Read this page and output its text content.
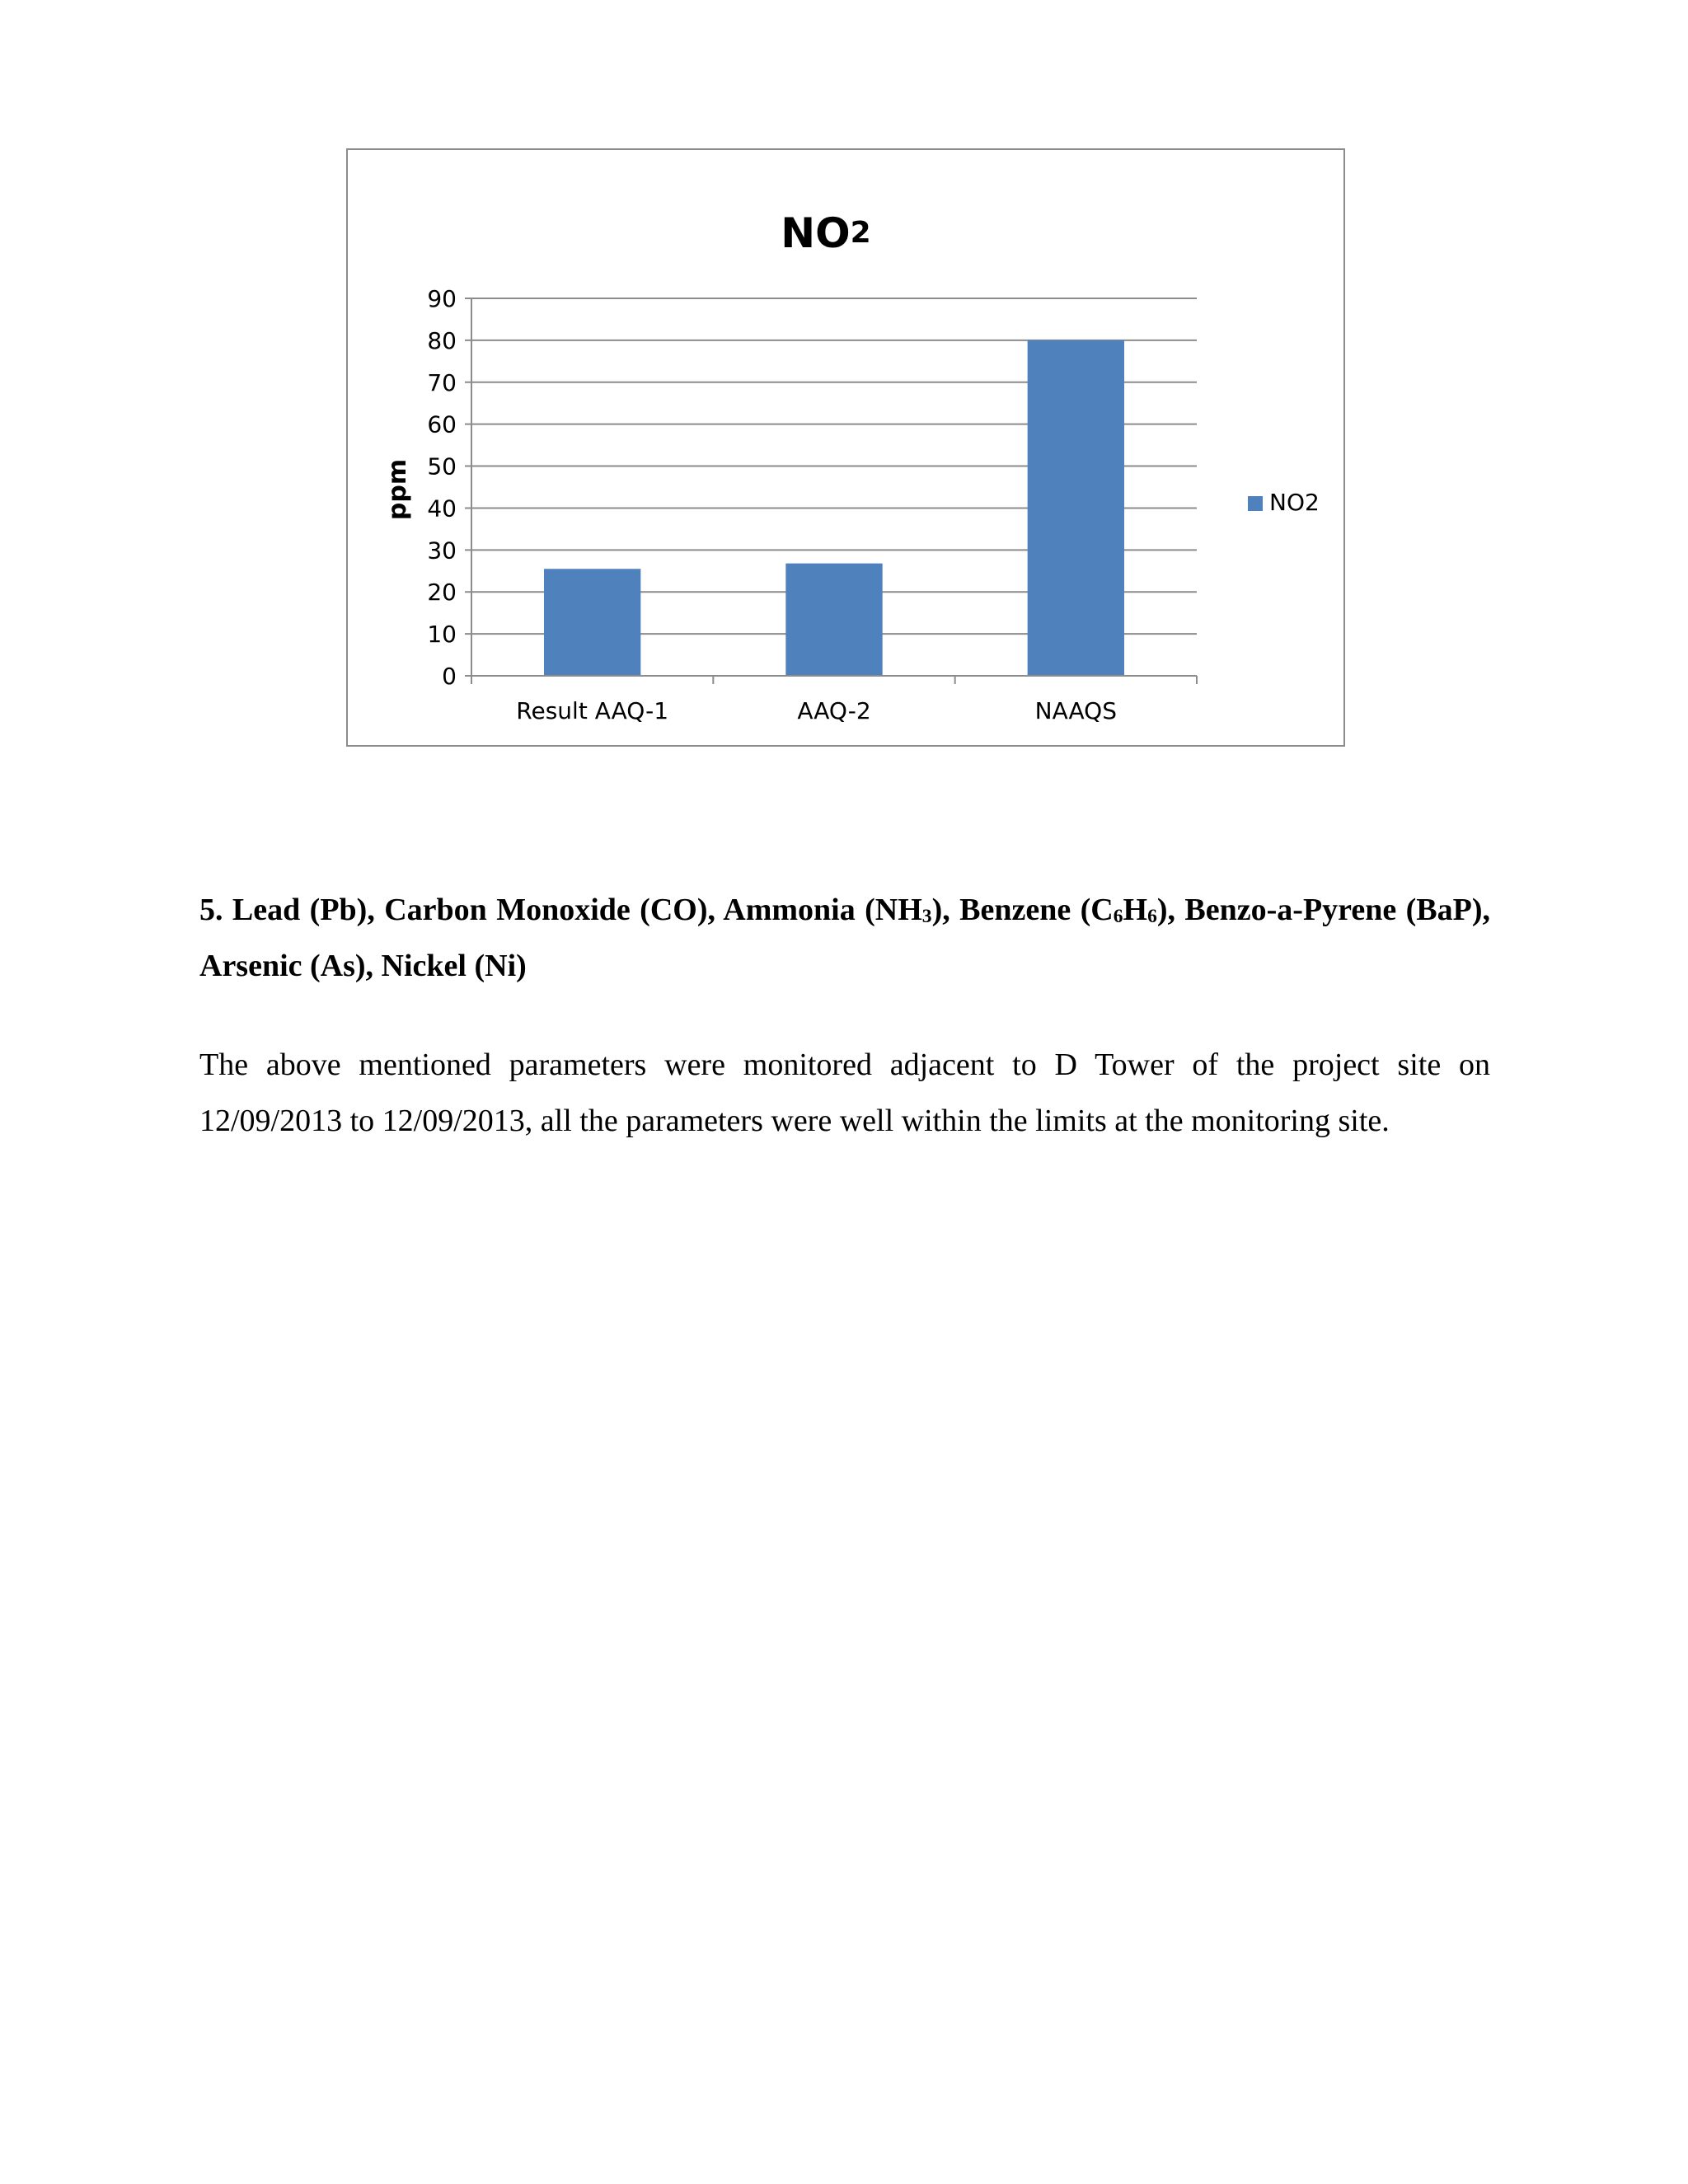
NO2
0
10
20
30
40
50
60
70
80
90
Result AAQ-1	AAQ-2	NAAQS
ppm	NO2

5. Lead (Pb), Carbon Monoxide (CO), Ammonia $(NH_3)$, Benzene $(C_6H_6)$, Benzo-a-Pyrene (BaP), Arsenic (As), Nickel (Ni)

The above mentioned parameters were monitored adjacent to D Tower of the project site on 12/09/2013 to 12/09/2013, all the parameters were well within the limits at the monitoring site.
